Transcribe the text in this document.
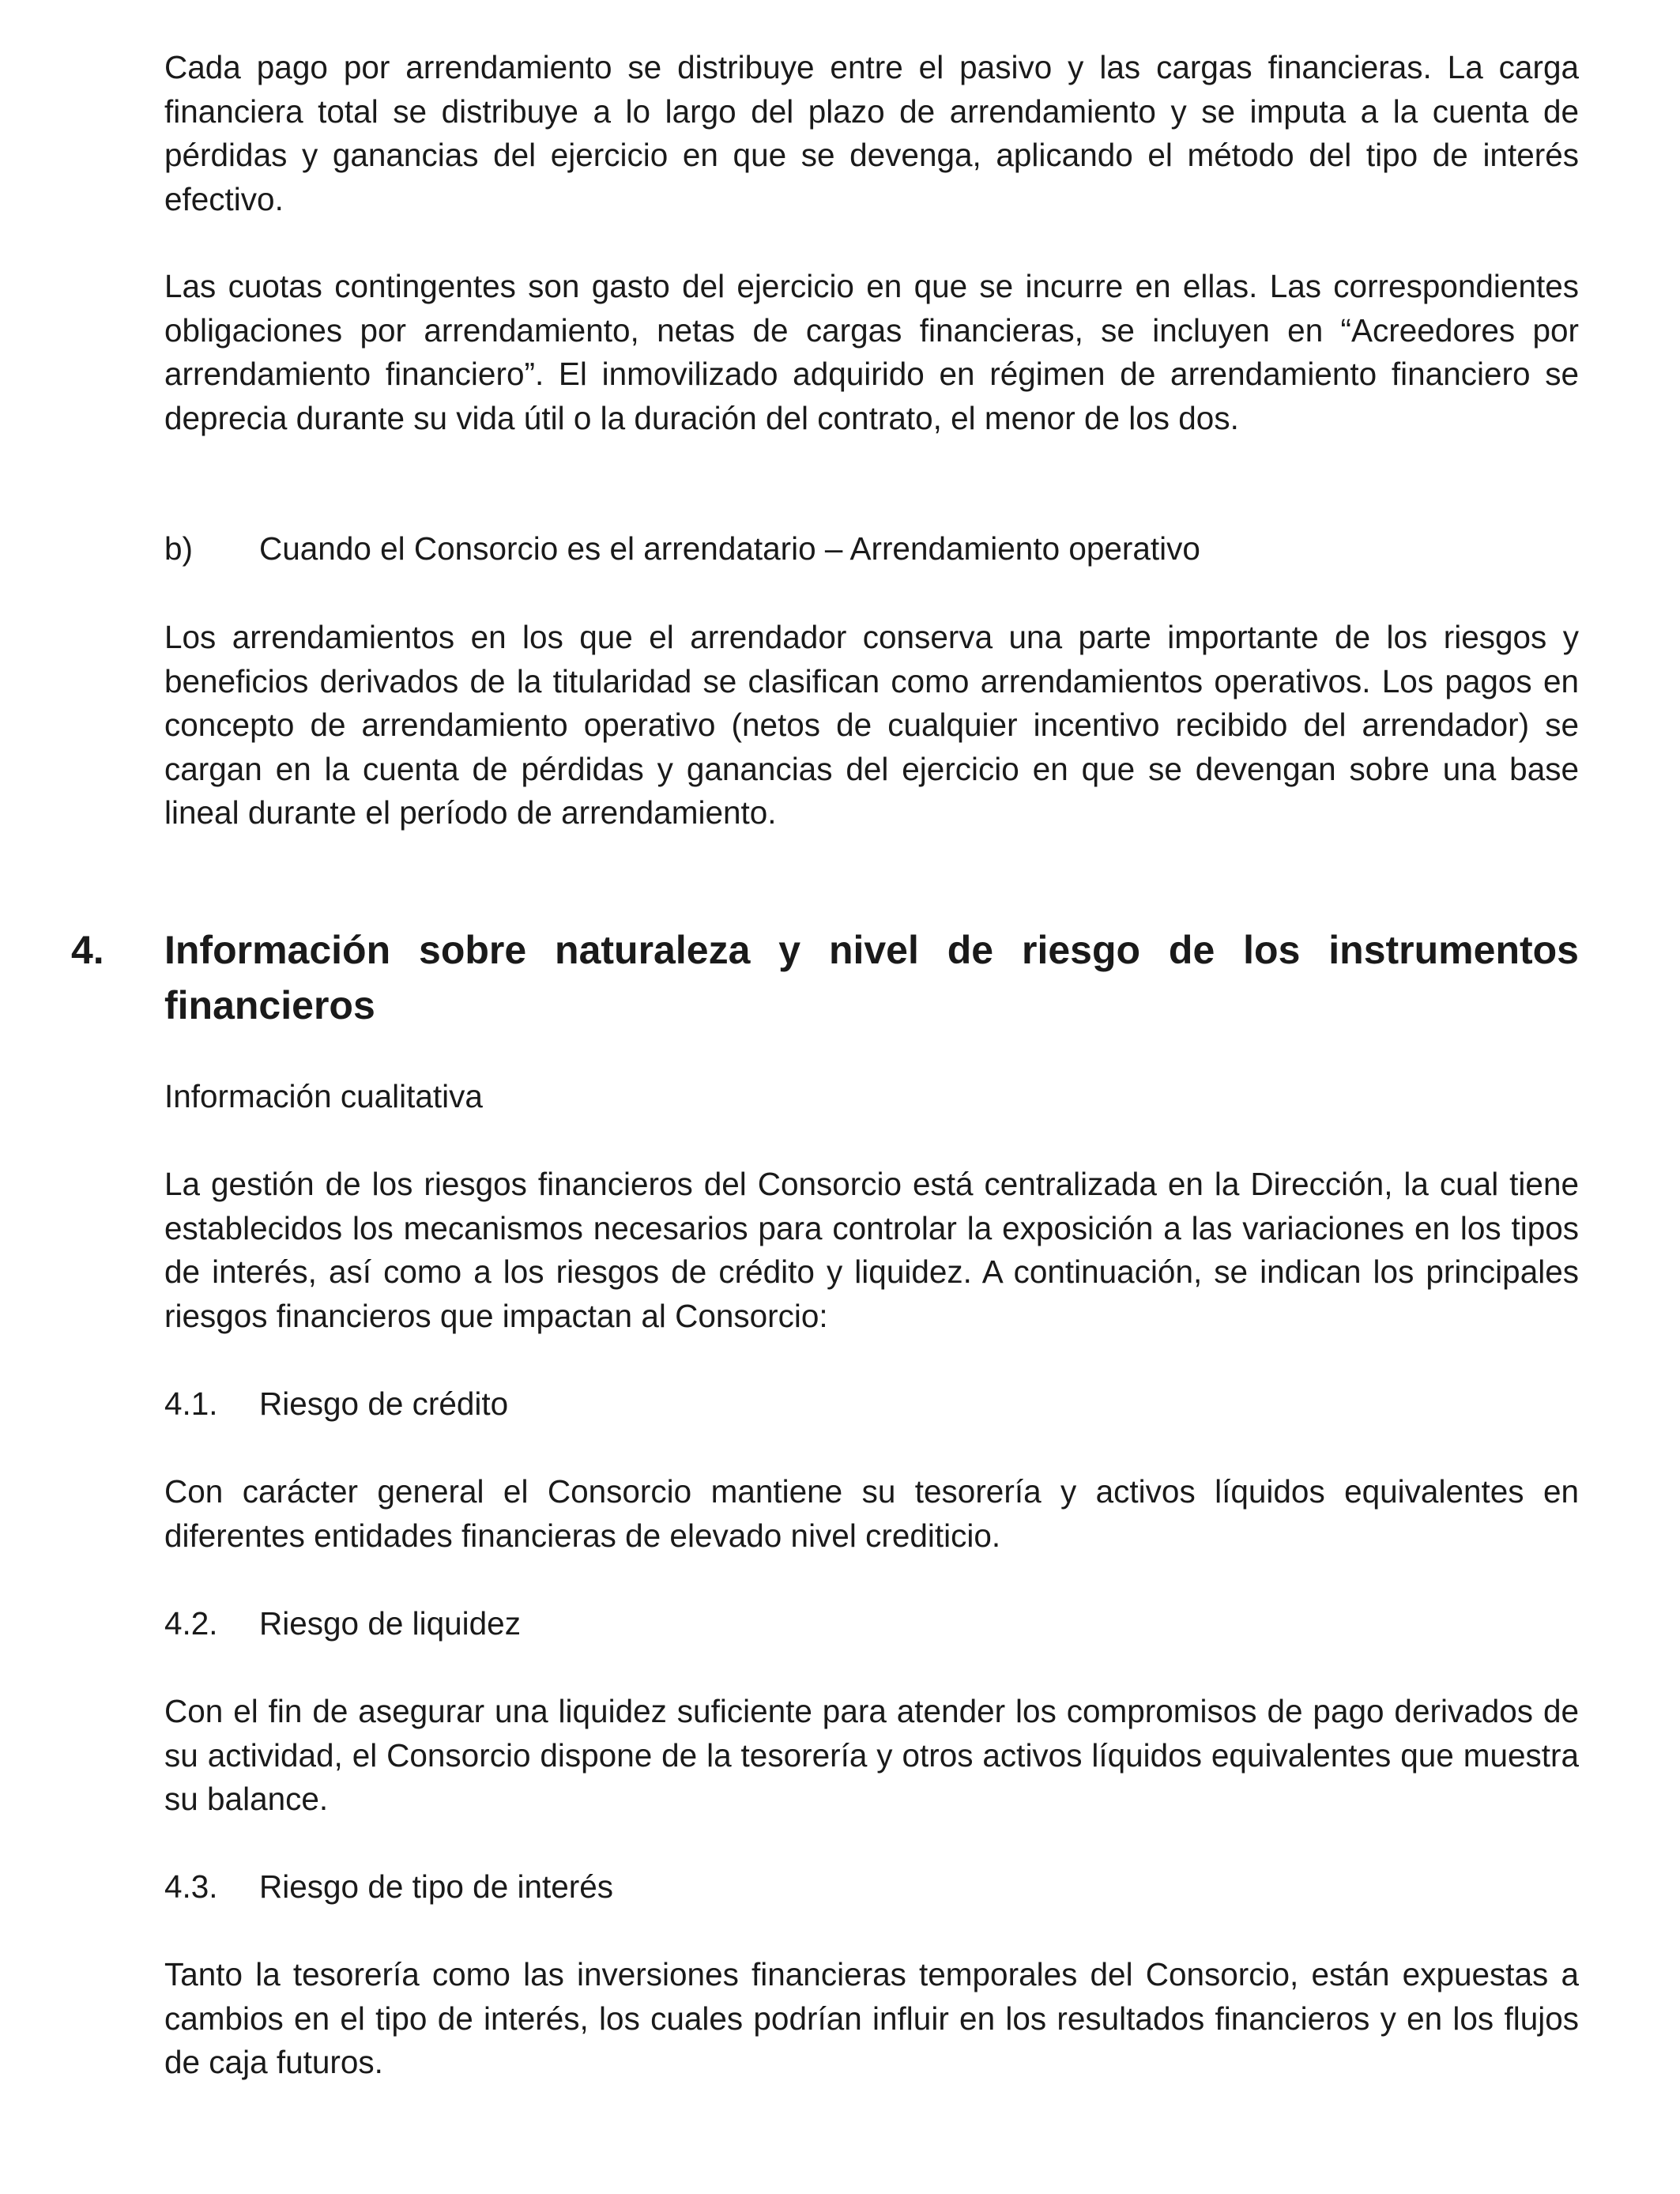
Cada pago por arrendamiento se distribuye entre el pasivo y las cargas financieras. La carga financiera total se distribuye a lo largo del plazo de arrendamiento y se imputa a la cuenta de pérdidas y ganancias del ejercicio en que se devenga, aplicando el método del tipo de interés efectivo.

Las cuotas contingentes son gasto del ejercicio en que se incurre en ellas. Las correspondientes obligaciones por arrendamiento, netas de cargas financieras, se incluyen en “Acreedores por arrendamiento financiero”. El inmovilizado adquirido en régimen de arrendamiento financiero se deprecia durante su vida útil o la duración del contrato, el menor de los dos.

b) Cuando el Consorcio es el arrendatario – Arrendamiento operativo

Los arrendamientos en los que el arrendador conserva una parte importante de los riesgos y beneficios derivados de la titularidad se clasifican como arrendamientos operativos. Los pagos en concepto de arrendamiento operativo (netos de cualquier incentivo recibido del arrendador) se cargan en la cuenta de pérdidas y ganancias del ejercicio en que se devengan sobre una base lineal durante el período de arrendamiento.

4. Información sobre naturaleza y nivel de riesgo de los instrumentos financieros

Información cualitativa

La gestión de los riesgos financieros del Consorcio está centralizada en la Dirección, la cual tiene establecidos los mecanismos necesarios para controlar la exposición a las variaciones en los tipos de interés, así como a los riesgos de crédito y liquidez. A continuación, se indican los principales riesgos financieros que impactan al Consorcio:

4.1. Riesgo de crédito

Con carácter general el Consorcio mantiene su tesorería y activos líquidos equivalentes en diferentes entidades financieras de elevado nivel crediticio.

4.2. Riesgo de liquidez

Con el fin de asegurar una liquidez suficiente para atender los compromisos de pago derivados de su actividad, el Consorcio dispone de la tesorería y otros activos líquidos equivalentes que muestra su balance.

4.3. Riesgo de tipo de interés

Tanto la tesorería como las inversiones financieras temporales del Consorcio, están expuestas a cambios en el tipo de interés, los cuales podrían influir en los resultados financieros y en los flujos de caja futuros.
